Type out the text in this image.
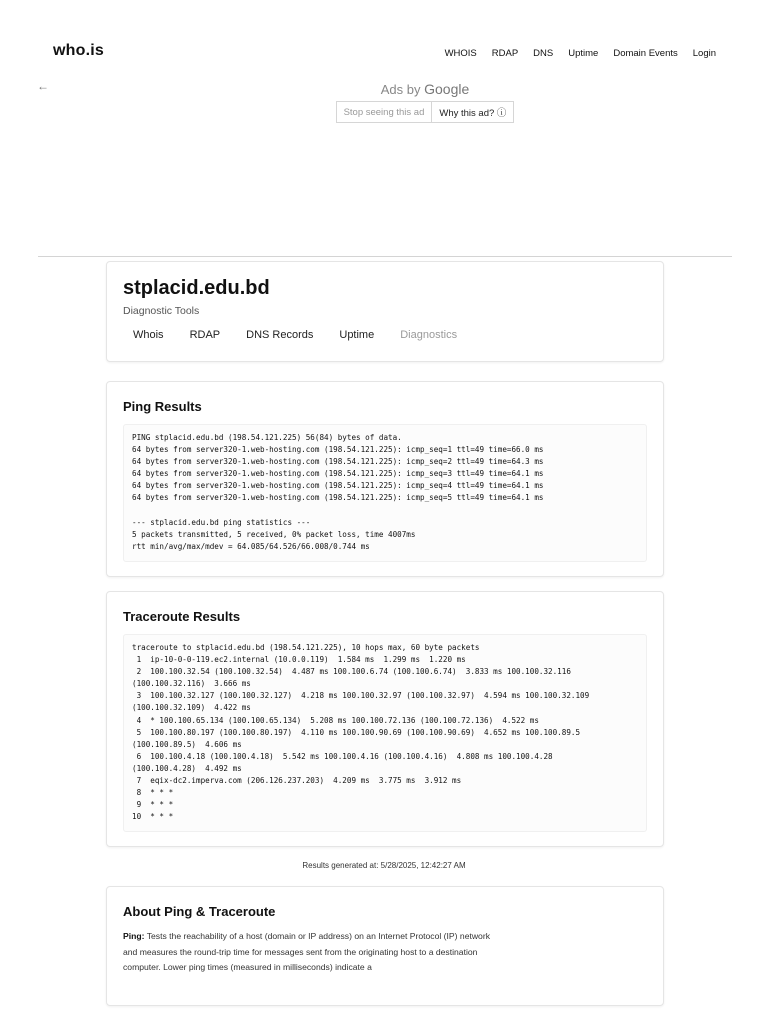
who.is	WHOIS RDAP DNS Uptime Domain Events Login
←	Ads by Google
Stop seeing this ad	Why this ad? ⓘ
stplacid.edu.bd
Diagnostic Tools
Whois RDAP DNS Records Uptime Diagnostics
Ping Results
PING stplacid.edu.bd (198.54.121.225) 56(84) bytes of data.
64 bytes from server320-1.web-hosting.com (198.54.121.225): icmp_seq=1 ttl=49 time=66.0 ms
64 bytes from server320-1.web-hosting.com (198.54.121.225): icmp_seq=2 ttl=49 time=64.3 ms
64 bytes from server320-1.web-hosting.com (198.54.121.225): icmp_seq=3 ttl=49 time=64.1 ms
64 bytes from server320-1.web-hosting.com (198.54.121.225): icmp_seq=4 ttl=49 time=64.1 ms
64 bytes from server320-1.web-hosting.com (198.54.121.225): icmp_seq=5 ttl=49 time=64.1 ms

--- stplacid.edu.bd ping statistics ---
5 packets transmitted, 5 received, 0% packet loss, time 4007ms
rtt min/avg/max/mdev = 64.085/64.526/66.008/0.744 ms
Traceroute Results
traceroute to stplacid.edu.bd (198.54.121.225), 10 hops max, 60 byte packets
1  ip-10-0-0-119.ec2.internal (10.0.0.119)  1.584 ms  1.299 ms  1.220 ms
2  100.100.32.54 (100.100.32.54)  4.487 ms 100.100.6.74 (100.100.6.74)  3.833 ms 100.100.32.116
(100.100.32.116)  3.666 ms
3  100.100.32.127 (100.100.32.127)  4.218 ms 100.100.32.97 (100.100.32.97)  4.594 ms 100.100.32.109
(100.100.32.109)  4.422 ms
4  * 100.100.65.134 (100.100.65.134)  5.208 ms 100.100.72.136 (100.100.72.136)  4.522 ms
5  100.100.80.197 (100.100.80.197)  4.110 ms 100.100.90.69 (100.100.90.69)  4.652 ms 100.100.89.5
(100.100.89.5)  4.606 ms
6  100.100.4.18 (100.100.4.18)  5.542 ms 100.100.4.16 (100.100.4.16)  4.808 ms 100.100.4.28
(100.100.4.28)  4.492 ms
7  eqix-dc2.imperva.com (206.126.237.203)  4.209 ms  3.775 ms  3.912 ms
8  * * *
9  * * *
10  * * *
Results generated at: 5/28/2025, 12:42:27 AM
About Ping & Traceroute
Ping: Tests the reachability of a host (domain or IP address) on an Internet Protocol (IP) network and measures the round-trip time for messages sent from the originating host to a destination computer. Lower ping times (measured in milliseconds) indicate a
